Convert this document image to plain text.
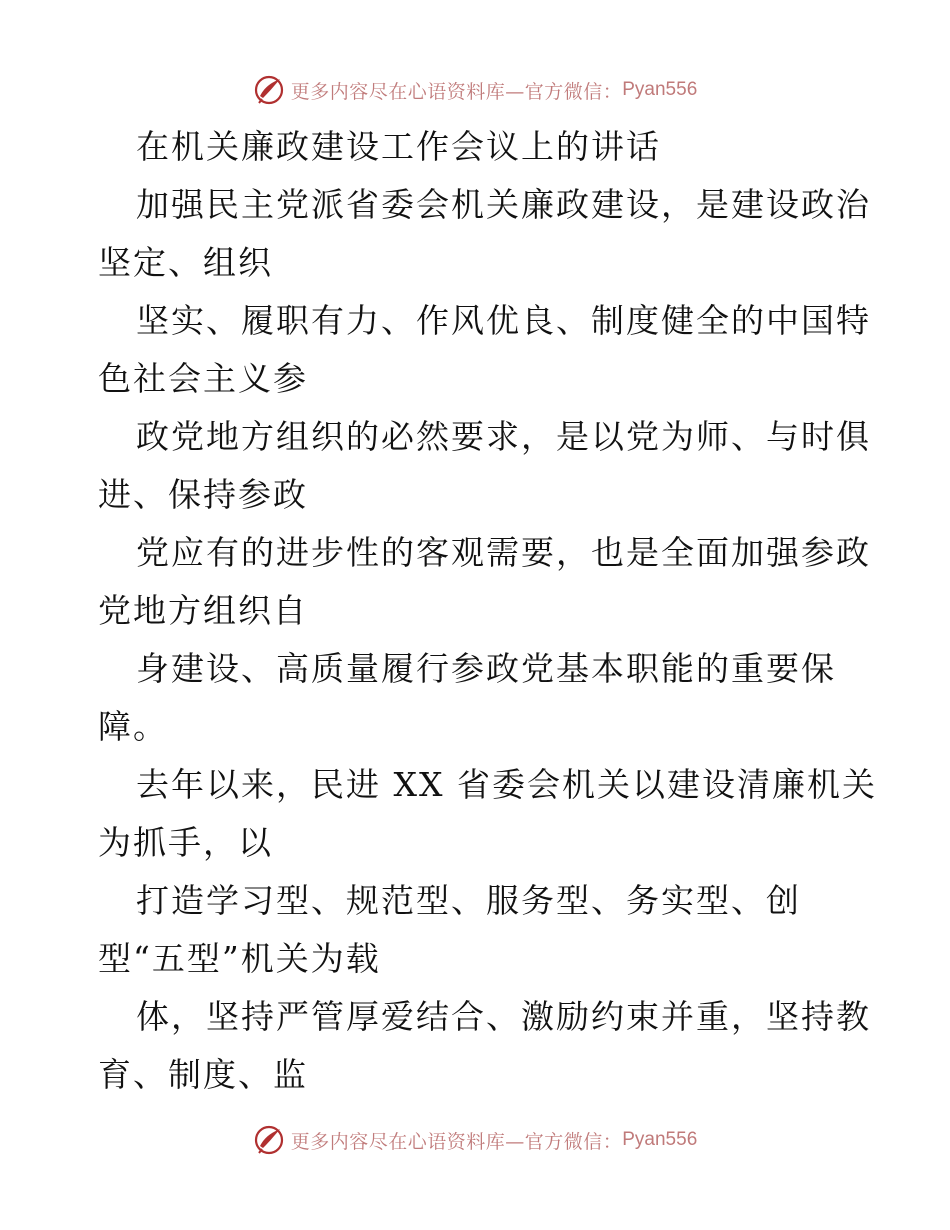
更多内容尽在心语资料库—官方微信： Pyan556
在机关廉政建设工作会议上的讲话
加强民主党派省委会机关廉政建设，是建设政治
坚定、组织
坚实、履职有力、作风优良、制度健全的中国特
色社会主义参
政党地方组织的必然要求，是以党为师、与时俱
进、保持参政
党应有的进步性的客观需要，也是全面加强参政
党地方组织自
身建设、高质量履行参政党基本职能的重要保
障。
去年以来，民进 XX 省委会机关以建设清廉机关
为抓手，以
打造学习型、规范型、服务型、务实型、创
型“五型”机关为载
体，坚持严管厚爱结合、激励约束并重，坚持教
育、制度、监
更多内容尽在心语资料库—官方微信： Pyan556
